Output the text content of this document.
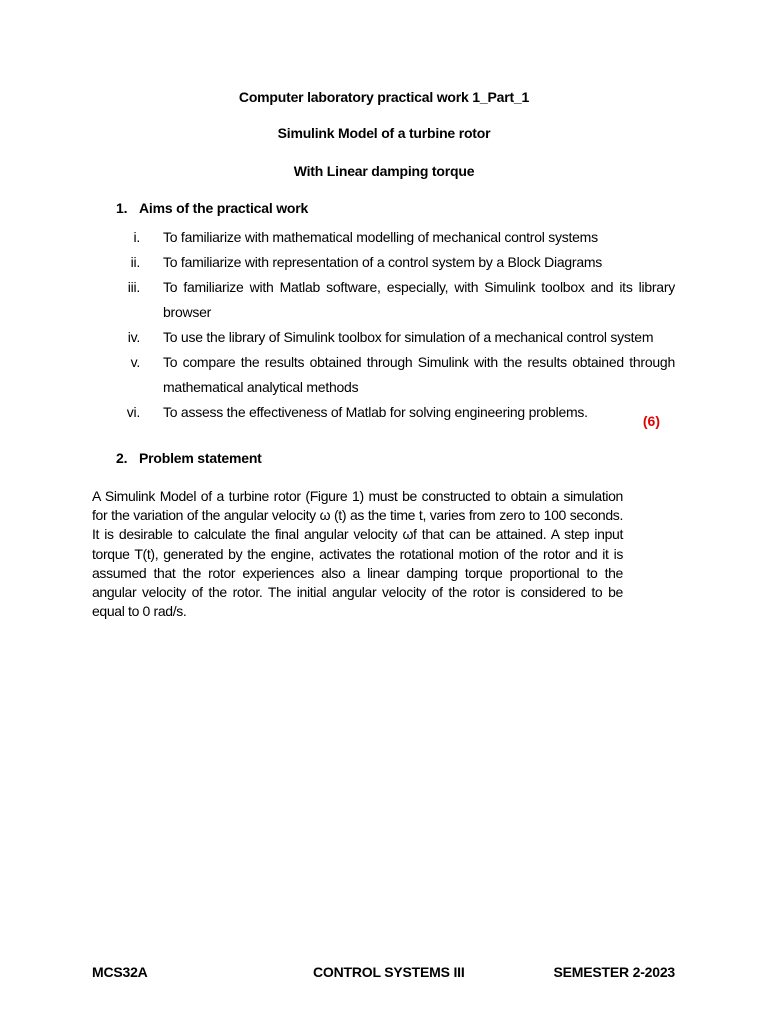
Computer laboratory practical work 1_Part_1
Simulink Model of a turbine rotor
With Linear damping torque
1. Aims of the practical work
i. To familiarize with mathematical modelling of mechanical control systems
ii. To familiarize with representation of a control system by a Block Diagrams
iii. To familiarize with Matlab software, especially, with Simulink toolbox and its library browser
iv. To use the library of Simulink toolbox for simulation of a mechanical control system
v. To compare the results obtained through Simulink with the results obtained through mathematical analytical methods
vi. To assess the effectiveness of Matlab for solving engineering problems.
(6)
2. Problem statement

A Simulink Model of a turbine rotor (Figure 1) must be constructed to obtain a simulation for the variation of the angular velocity ω (t) as the time t, varies from zero to 100 seconds. It is desirable to calculate the final angular velocity ωf that can be attained. A step input torque T(t), generated by the engine, activates the rotational motion of the rotor and it is assumed that the rotor experiences also a linear damping torque proportional to the angular velocity of the rotor. The initial angular velocity of the rotor is considered to be equal to 0 rad/s.

MCS32A	CONTROL SYSTEMS III	SEMESTER 2-2023
